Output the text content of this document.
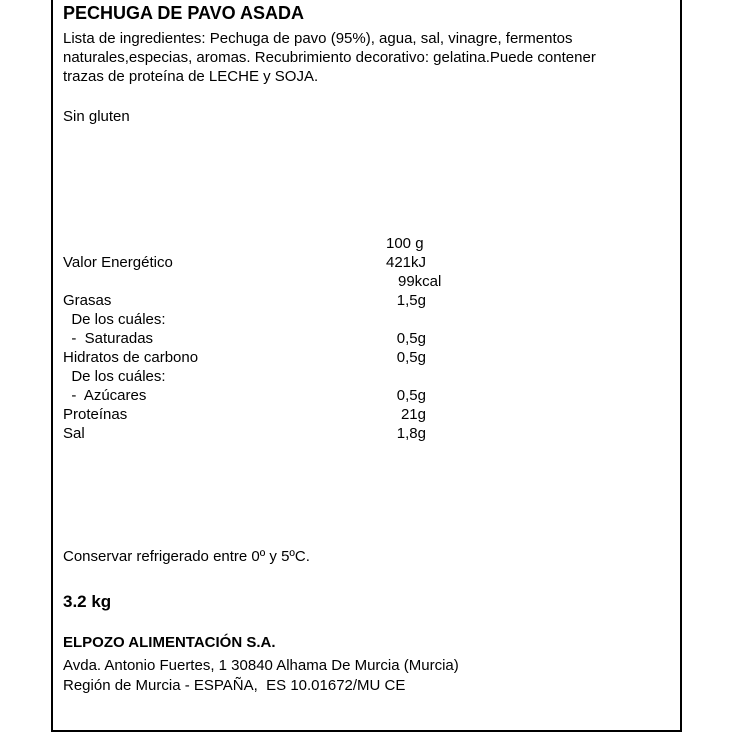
PECHUGA DE PAVO ASADA
Lista de ingredientes: Pechuga de pavo (95%), agua, sal, vinagre, fermentos
naturales,especias, aromas. Recubrimiento decorativo: gelatina.Puede contener
trazas de proteína de LECHE y SOJA.
Sin gluten
100 g
Valor Energético	421kJ
99kcal
Grasas	1,5g
De los cuáles:
-  Saturadas	0,5g
Hidratos de carbono	0,5g
De los cuáles:
-  Azúcares	0,5g
Proteínas	21g
Sal	1,8g
Conservar refrigerado entre 0º y 5ºC.
3.2 kg
ELPOZO ALIMENTACIÓN S.A.
Avda. Antonio Fuertes, 1 30840 Alhama De Murcia (Murcia)
Región de Murcia - ESPAÑA,  ES 10.01672/MU CE
